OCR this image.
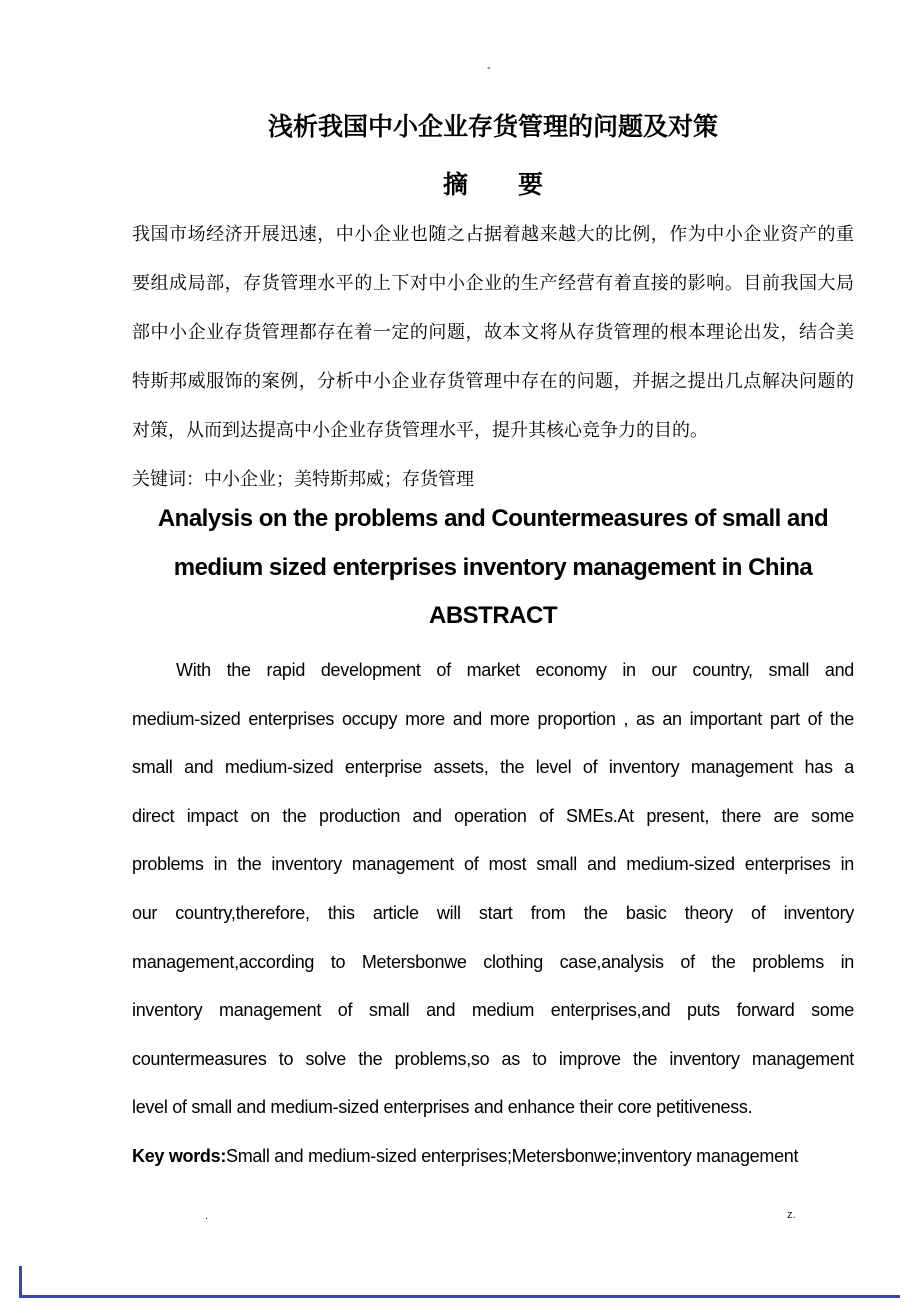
-
浅析我国中小企业存货管理的问题及对策
摘　　要
我国市场经济开展迅速，中小企业也随之占据着越来越大的比例，作为中小企业资产的重
要组成局部，存货管理水平的上下对中小企业的生产经营有着直接的影响。目前我国大局
部中小企业存货管理都存在着一定的问题，故本文将从存货管理的根本理论出发，结合美
特斯邦威服饰的案例，分析中小企业存货管理中存在的问题，并据之提出几点解决问题的
对策，从而到达提高中小企业存货管理水平，提升其核心竞争力的目的。
关键词：中小企业；美特斯邦威；存货管理
Analysis on the problems and Countermeasures of small and
medium sized enterprises inventory management in China
ABSTRACT
With the rapid development of market economy in our country, small and
medium-sized enterprises occupy more and more proportion , as an important part of the
small and medium-sized enterprise assets, the level of inventory management has a
direct impact on the production and operation of SMEs.At present, there are some
problems in the inventory management of most small and medium-sized enterprises in
our country,therefore, this article will start from the basic theory of inventory
management,according to Metersbonwe clothing case,analysis of the problems in
inventory management of small and medium enterprises,and puts forward some
countermeasures to solve the problems,so as to improve the inventory management
level of small and medium-sized enterprises and enhance their core petitiveness.
Key words:Small and medium-sized enterprises;Metersbonwe;inventory management
.	z.
